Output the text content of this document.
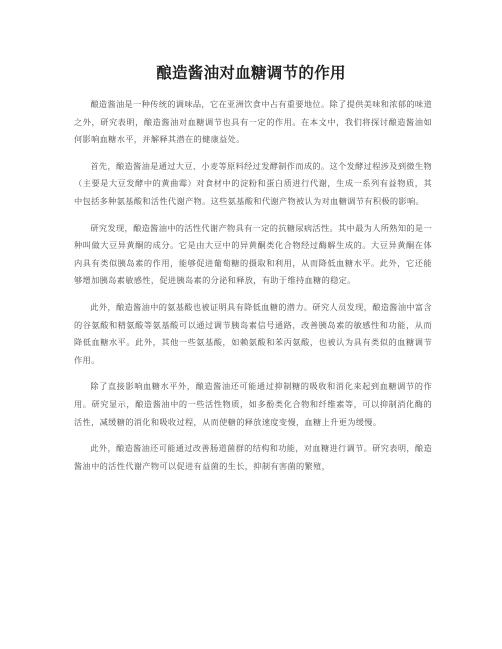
酿造酱油对血糖调节的作用

酿造酱油是一种传统的调味品，它在亚洲饮食中占有重要地位。除了提供美味和浓郁的味道之外，研究表明，酿造酱油对血糖调节也具有一定的作用。在本文中，我们将探讨酿造酱油如何影响血糖水平，并解释其潜在的健康益处。

首先，酿造酱油是通过大豆、小麦等原料经过发酵制作而成的。这个发酵过程涉及到微生物（主要是大豆发酵中的黄曲霉）对食材中的淀粉和蛋白质进行代谢，生成一系列有益物质，其中包括多种氨基酸和活性代谢产物。这些氨基酸和代谢产物被认为对血糖调节有积极的影响。

研究发现，酿造酱油中的活性代谢产物具有一定的抗糖尿病活性。其中最为人所熟知的是一种叫做大豆异黄酮的成分。它是由大豆中的异黄酮类化合物经过酶解生成的。大豆异黄酮在体内具有类似胰岛素的作用，能够促进葡萄糖的摄取和利用，从而降低血糖水平。此外，它还能够增加胰岛素敏感性，促进胰岛素的分泌和释放，有助于维持血糖的稳定。

此外，酿造酱油中的氨基酸也被证明具有降低血糖的潜力。研究人员发现，酿造酱油中富含的谷氨酸和精氨酸等氨基酸可以通过调节胰岛素信号通路，改善胰岛素的敏感性和功能，从而降低血糖水平。此外，其他一些氨基酸，如赖氨酸和苯丙氨酸，也被认为具有类似的血糖调节作用。

除了直接影响血糖水平外，酿造酱油还可能通过抑制糖的吸收和消化来起到血糖调节的作用。研究显示，酿造酱油中的一些活性物质，如多酚类化合物和纤维素等，可以抑制消化酶的活性，减缓糖的消化和吸收过程，从而使糖的释放速度变慢，血糖上升更为缓慢。

此外，酿造酱油还可能通过改善肠道菌群的结构和功能，对血糖进行调节。研究表明，酿造酱油中的活性代谢产物可以促进有益菌的生长，抑制有害菌的繁殖，
